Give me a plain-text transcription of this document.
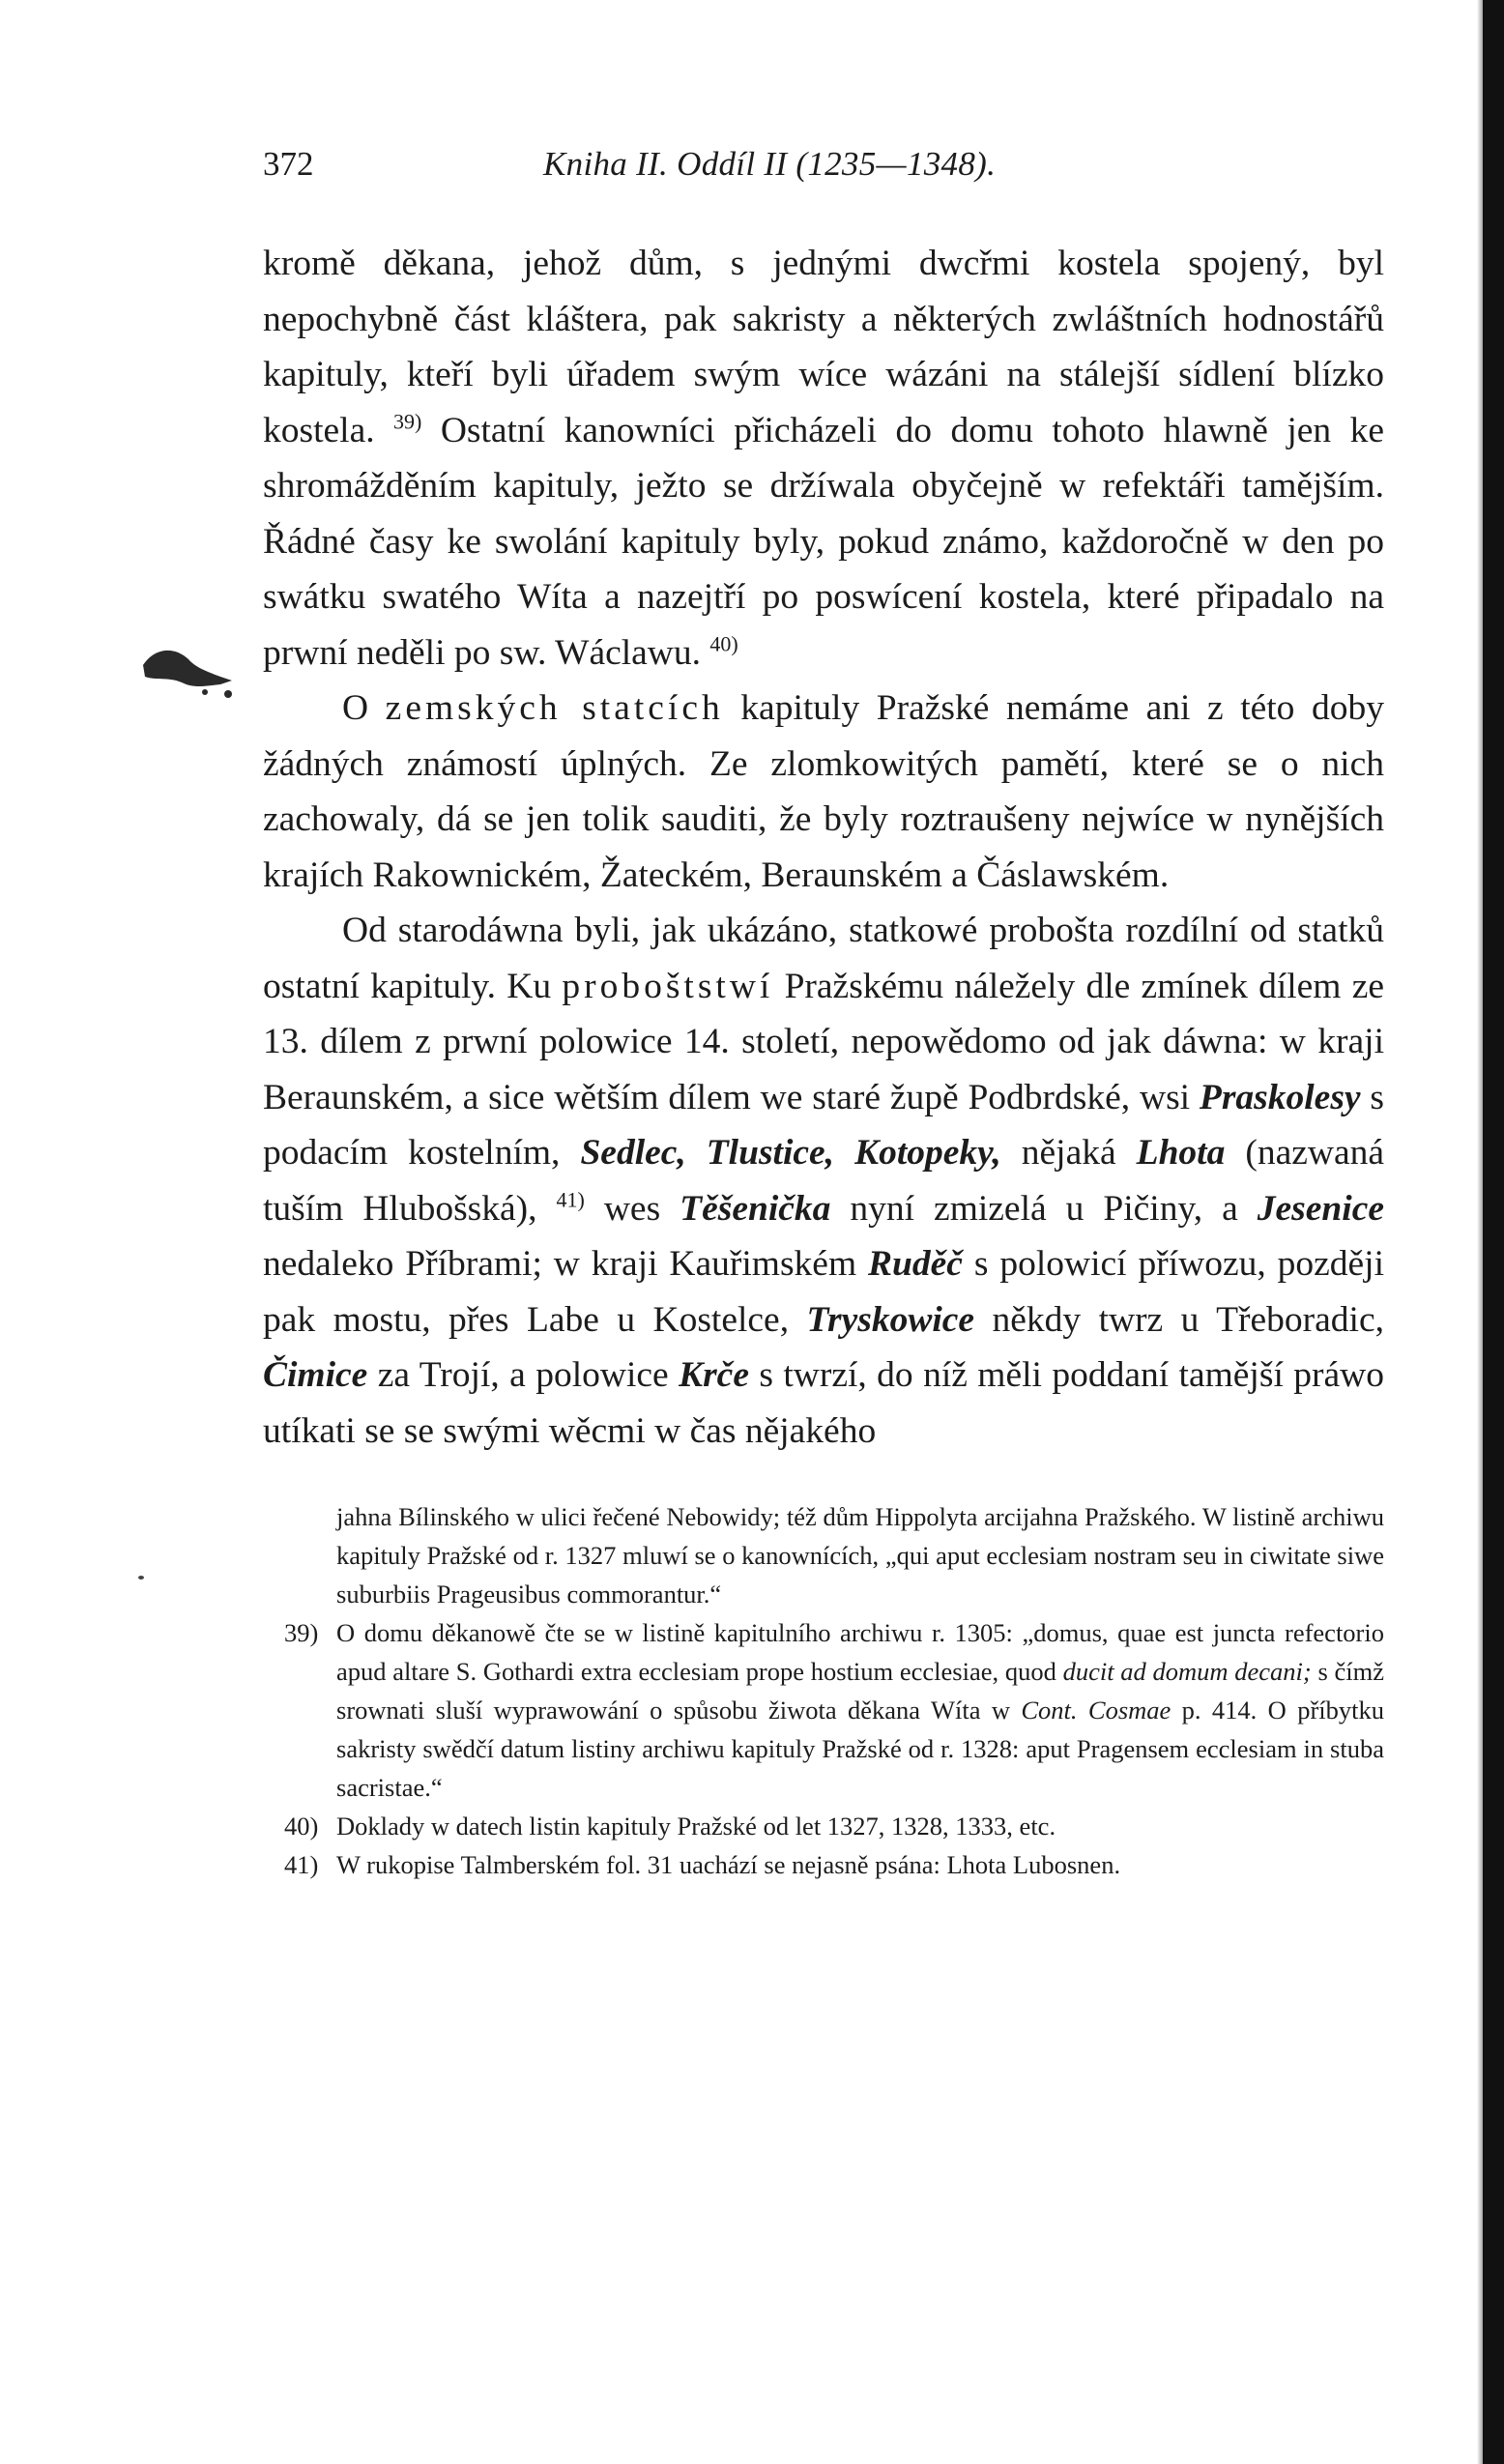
372	Kniha II. Oddíl II (1235—1348).

kromě děkana, jehož dům, s jednými dwcřmi kostela spojený, byl nepochybně část kláštera, pak sakristy a některých zwláštních hodnostářů kapituly, kteří byli úřadem swým wíce wázáni na stálejší sídlení blízko kostela. $^{39)}$ Ostatní kanowníci přicházeli do domu tohoto hlawně jen ke shromážděním kapituly, ježto se držíwala obyčejně w refektáři tamějším. Řádné časy ke swolání kapituly byly, pokud známo, každoročně w den po swátku swatého Wíta a nazejtří po poswícení kostela, které připadalo na prwní neděli po sw. Wáclawu. $^{40)}$

O zemských statcích kapituly Pražské nemáme ani z této doby žádných známostí úplných. Ze zlomkowitých pamětí, které se o nich zachowaly, dá se jen tolik sauditi, že byly roztraušeny nejwíce w nynějších krajích Rakownickém, Žateckém, Beraunském a Čáslawském.

Od starodáwna byli, jak ukázáno, statkowé probošta rozdílní od statků ostatní kapituly. Ku proboštstwí Pražskému náležely dle zmínek dílem ze 13. dílem z prwní polowice 14. století, nepowědomo od jak dáwna: w kraji Beraunském, a sice wětším dílem we staré župě Podbrdské, wsi Praskolesy s podacím kostelním, Sedlec, Tlustice, Kotopeky, nějaká Lhota (nazwaná tuším Hlubošská), $^{41)}$ wes Těšenička nyní zmizelá u Pičiny, a Jesenice nedaleko Příbrami; w kraji Kauřimském Ruděč s polowicí příwozu, později pak mostu, přes Labe u Kostelce, Tryskowice někdy twrz u Třeboradic, Čimice za Trojí, a polowice Krče s twrzí, do níž měli poddaní tamější práwo utíkati se se swými wěcmi w čas nějakého

jahna Bílinského w ulici řečené Nebowidy; též dům Hippolyta arcijahna Pražského. W listině archiwu kapituly Pražské od r. 1327 mluwí se o kanownících, „qui aput ecclesiam nostram seu in ciwitate siwe suburbiis Prageusibus commorantur.“

39) O domu děkanowě čte se w listině kapitulního archiwu r. 1305: „domus, quae est juncta refectorio apud altare S. Gothardi extra ecclesiam prope hostium ecclesiae, quod ducit ad domum decani; s čímž srownati sluší wyprawowání o spůsobu žiwota děkana Wíta w Cont. Cosmae p. 414. O příbytku sakristy swědčí datum listiny archiwu kapituly Pražské od r. 1328: aput Pragensem ecclesiam in stuba sacristae.“

40) Doklady w datech listin kapituly Pražské od let 1327, 1328, 1333, etc.

41) W rukopise Talmberském fol. 31 uachází se nejasně psána: Lhota Lubosnen.
